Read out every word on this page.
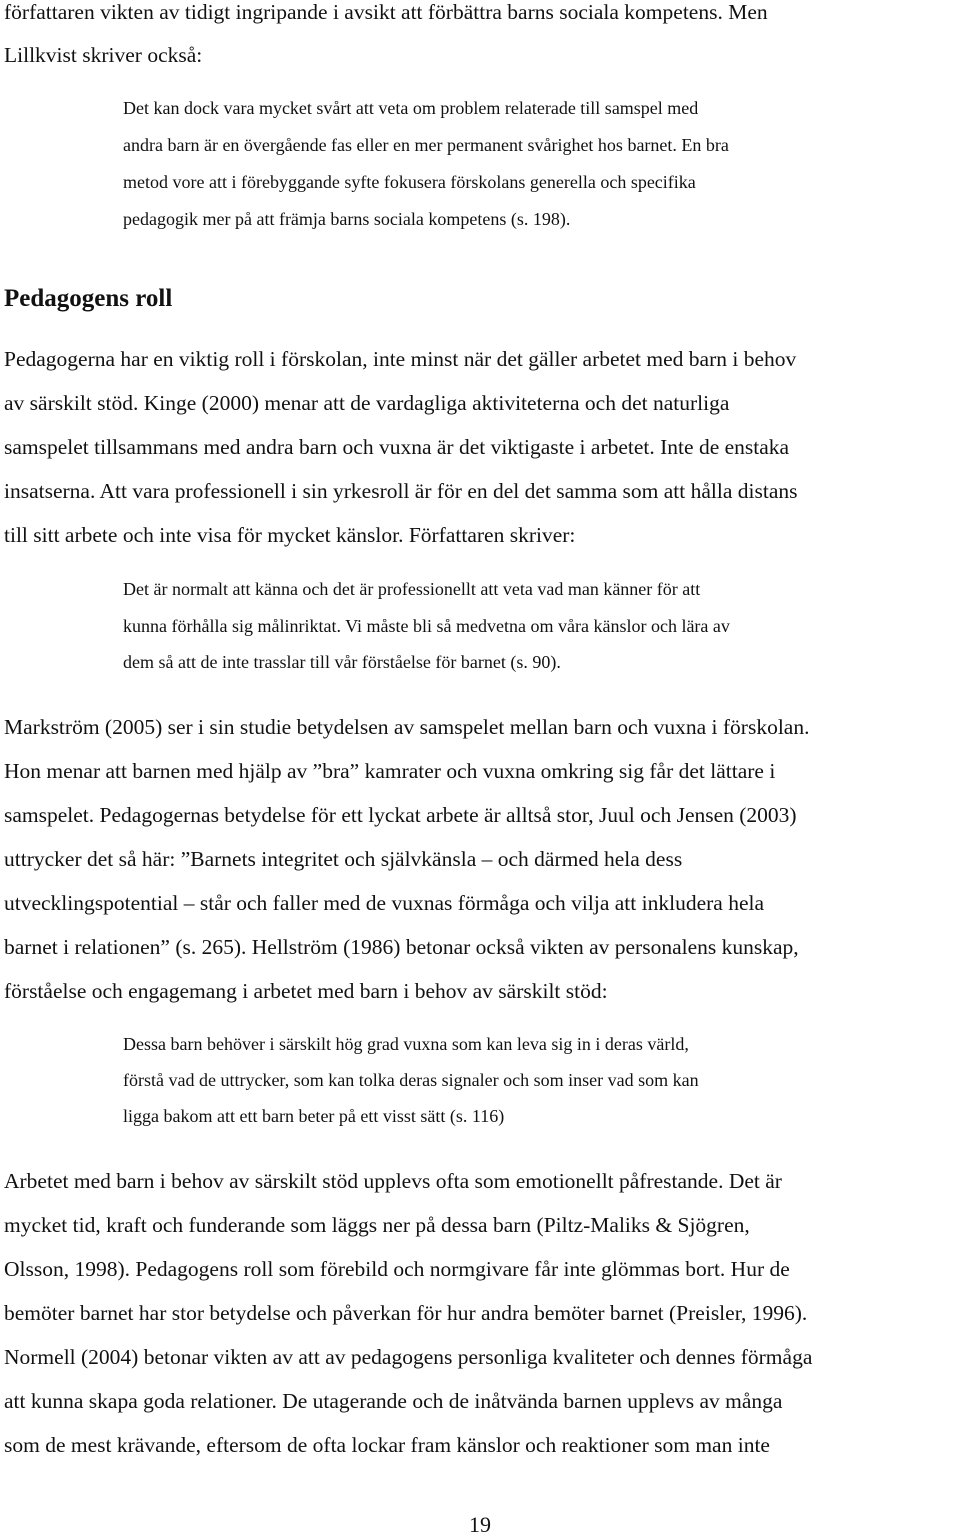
författaren vikten av tidigt ingripande i avsikt att förbättra barns sociala kompetens. Men
Lillkvist skriver också:
Det kan dock vara mycket svårt att veta om problem relaterade till samspel med
andra barn är en övergående fas eller en mer permanent svårighet hos barnet. En bra
metod vore att i förebyggande syfte fokusera förskolans generella och specifika
pedagogik mer på att främja barns sociala kompetens (s. 198).
Pedagogens roll
Pedagogerna har en viktig roll i förskolan, inte minst när det gäller arbetet med barn i behov
av särskilt stöd. Kinge (2000) menar att de vardagliga aktiviteterna och det naturliga
samspelet tillsammans med andra barn och vuxna är det viktigaste i arbetet. Inte de enstaka
insatserna. Att vara professionell i sin yrkesroll är för en del det samma som att hålla distans
till sitt arbete och inte visa för mycket känslor. Författaren skriver:
Det är normalt att känna och det är professionellt att veta vad man känner för att
kunna förhålla sig målinriktat. Vi måste bli så medvetna om våra känslor och lära av
dem så att de inte trasslar till vår förståelse för barnet (s. 90).
Markström (2005) ser i sin studie betydelsen av samspelet mellan barn och vuxna i förskolan.
Hon menar att barnen med hjälp av ”bra” kamrater och vuxna omkring sig får det lättare i
samspelet. Pedagogernas betydelse för ett lyckat arbete är alltså stor, Juul och Jensen (2003)
uttrycker det så här: ”Barnets integritet och självkänsla – och därmed hela dess
utvecklingspotential – står och faller med de vuxnas förmåga och vilja att inkludera hela
barnet i relationen” (s. 265). Hellström (1986) betonar också vikten av personalens kunskap,
förståelse och engagemang i arbetet med barn i behov av särskilt stöd:
Dessa barn behöver i särskilt hög grad vuxna som kan leva sig in i deras värld,
förstå vad de uttrycker, som kan tolka deras signaler och som inser vad som kan
ligga bakom att ett barn beter på ett visst sätt (s. 116)
Arbetet med barn i behov av särskilt stöd upplevs ofta som emotionellt påfrestande. Det är
mycket tid, kraft och funderande som läggs ner på dessa barn (Piltz-Maliks & Sjögren,
Olsson, 1998). Pedagogens roll som förebild och normgivare får inte glömmas bort. Hur de
bemöter barnet har stor betydelse och påverkan för hur andra bemöter barnet (Preisler, 1996).
Normell (2004) betonar vikten av att av pedagogens personliga kvaliteter och dennes förmåga
att kunna skapa goda relationer. De utagerande och de inåtvända barnen upplevs av många
som de mest krävande, eftersom de ofta lockar fram känslor och reaktioner som man inte
19
